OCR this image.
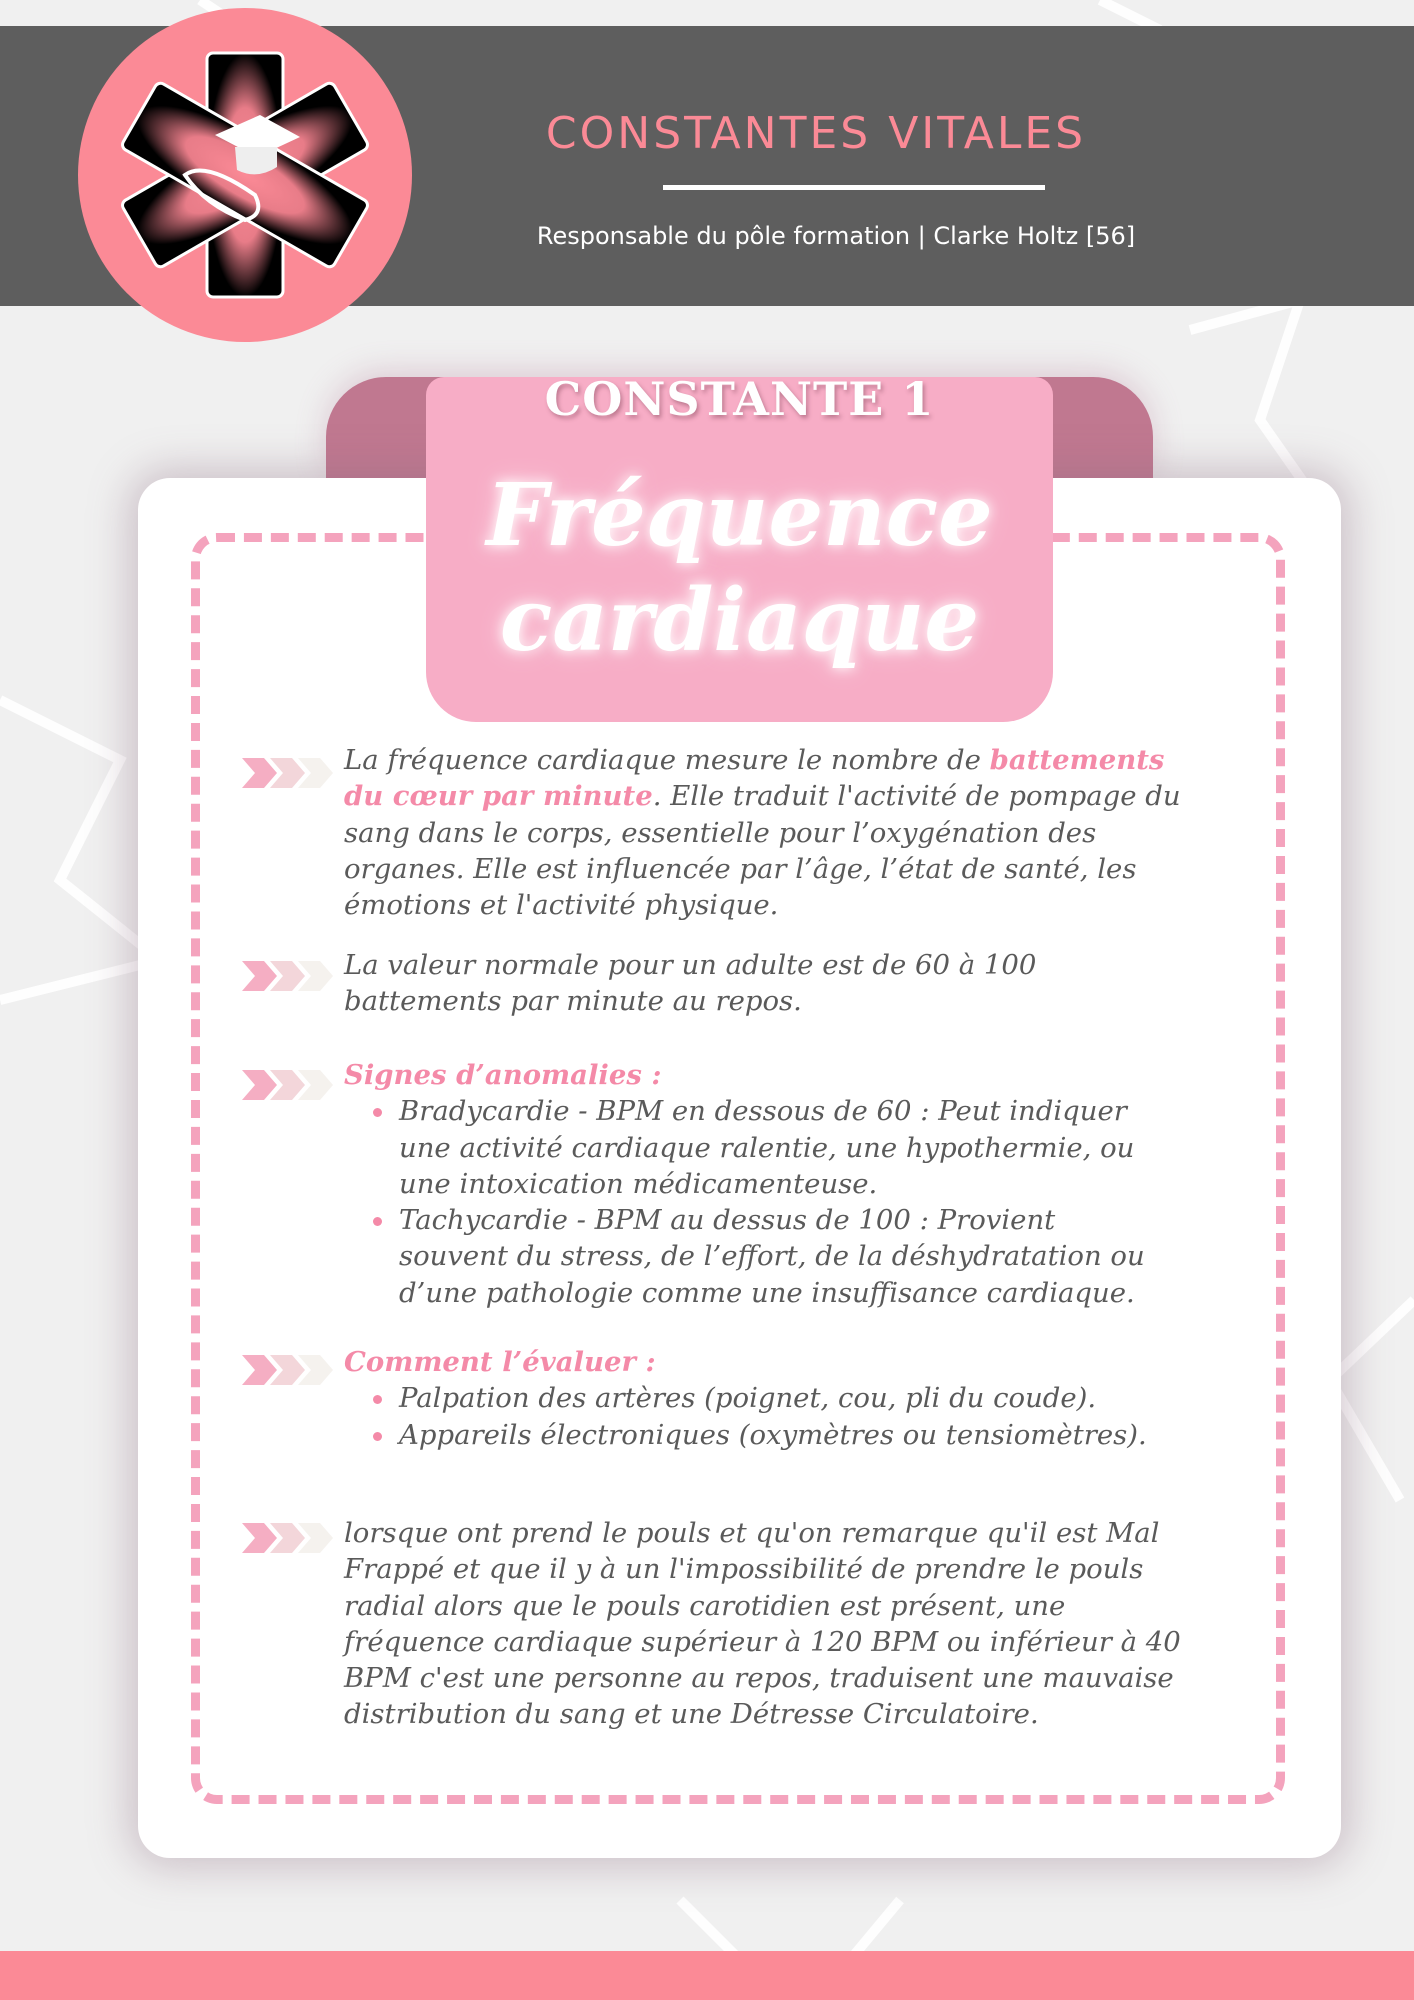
CONSTANTES VITALES
Responsable du pôle formation | Clarke Holtz [56]
CONSTANTE 1
Fréquence
cardiaque
La fréquence cardiaque mesure le nombre de battements du cœur par minute. Elle traduit l'activité de pompage du sang dans le corps, essentielle pour l’oxygénation des organes. Elle est influencée par l’âge, l’état de santé, les émotions et l'activité physique.
La valeur normale pour un adulte est de 60 à 100 battements par minute au repos.
Signes d’anomalies :
Bradycardie - BPM en dessous de 60 : Peut indiquer une activité cardiaque ralentie, une hypothermie, ou une intoxication médicamenteuse.
Tachycardie - BPM au dessus de 100 : Provient souvent du stress, de l’effort, de la déshydratation ou d’une pathologie comme une insuffisance cardiaque.
Comment l’évaluer :
Palpation des artères (poignet, cou, pli du coude).
Appareils électroniques (oxymètres ou tensiomètres).
lorsque ont prend le pouls et qu'on remarque qu'il est Mal Frappé et que il y à un l'impossibilité de prendre le pouls radial alors que le pouls carotidien est présent, une fréquence cardiaque supérieur à 120 BPM ou inférieur à 40 BPM c'est une personne au repos, traduisent une mauvaise distribution du sang et une Détresse Circulatoire.
